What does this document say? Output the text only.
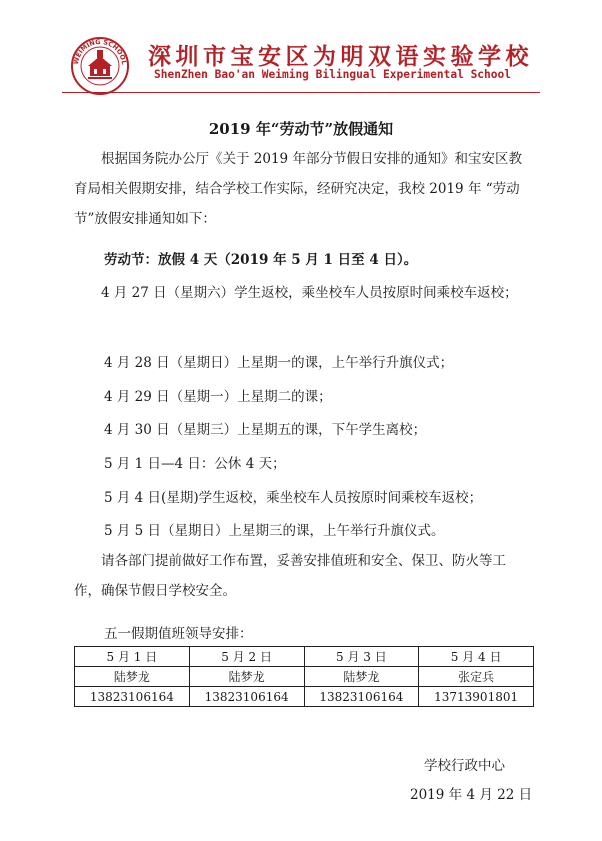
WEIMING SCHOOL 深圳市宝安区为明双语实验学校
ShenZhen Bao'an Weiming Bilingual Experimental School
2019 年“劳动节”放假通知

根据国务院办公厅《关于 2019 年部分节假日安排的通知》和宝安区教育局相关假期安排，结合学校工作实际，经研究决定，我校 2019 年 “劳动节”放假安排通知如下：

劳动节：放假 4 天（2019 年 5 月 1 日至 4 日）。

4 月 27 日（星期六）学生返校，乘坐校车人员按原时间乘校车返校；

4 月 28 日（星期日）上星期一的课，上午举行升旗仪式；
4 月 29 日（星期一）上星期二的课；
4 月 30 日（星期三）上星期五的课，下午学生离校；
5 月 1 日—4 日：公休 4 天；
5 月 4 日(星期)学生返校，乘坐校车人员按原时间乘校车返校；
5 月 5 日（星期日）上星期三的课，上午举行升旗仪式。

请各部门提前做好工作布置，妥善安排值班和安全、保卫、防火等工作，确保节假日学校安全。

五一假期值班领导安排：
5 月 1 日	5 月 2 日	5 月 3 日	5 月 4 日
陆梦龙	陆梦龙	陆梦龙	张定兵
13823106164	13823106164	13823106164	13713901801
学校行政中心
2019 年 4 月 22 日
